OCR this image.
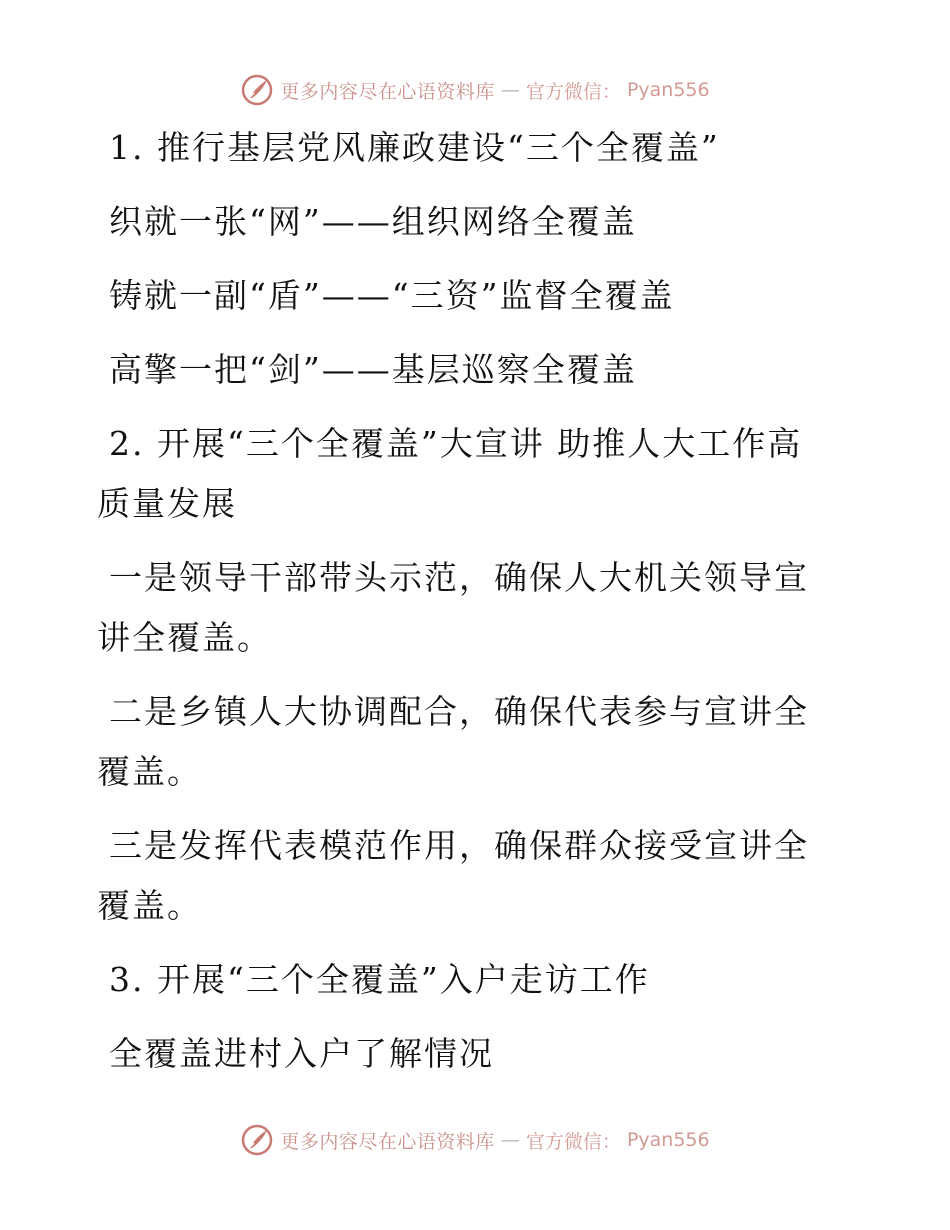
更多内容尽在心语资料库 — 官方微信： Pyan556
1. 推行基层党风廉政建设“三个全覆盖”
织就一张“网”——组织网络全覆盖
铸就一副“盾”——“三资”监督全覆盖
高擎一把“剑”——基层巡察全覆盖
2. 开展“三个全覆盖”大宣讲 助推人大工作高质量发展
一是领导干部带头示范，确保人大机关领导宣讲全覆盖。
二是乡镇人大协调配合，确保代表参与宣讲全覆盖。
三是发挥代表模范作用，确保群众接受宣讲全覆盖。
3. 开展“三个全覆盖”入户走访工作
全覆盖进村入户了解情况
更多内容尽在心语资料库 — 官方微信： Pyan556
